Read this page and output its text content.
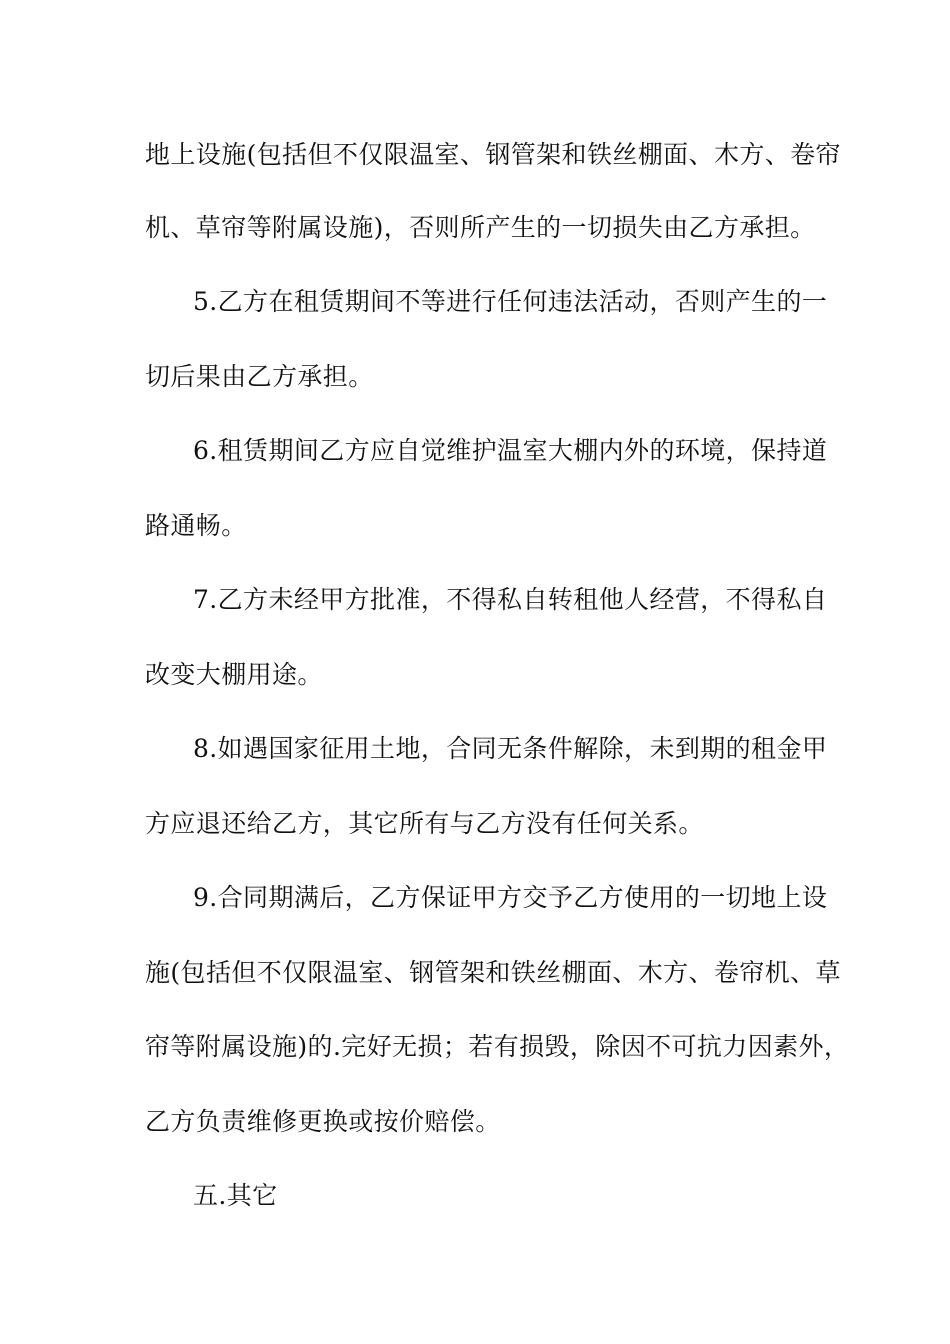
地上设施(包括但不仅限温室、钢管架和铁丝棚面、木方、卷帘
机、草帘等附属设施)，否则所产生的一切损失由乙方承担。
5.乙方在租赁期间不等进行任何违法活动，否则产生的一
切后果由乙方承担。
6.租赁期间乙方应自觉维护温室大棚内外的环境，保持道
路通畅。
7.乙方未经甲方批准，不得私自转租他人经营，不得私自
改变大棚用途。
8.如遇国家征用土地，合同无条件解除，未到期的租金甲
方应退还给乙方，其它所有与乙方没有任何关系。
9.合同期满后，乙方保证甲方交予乙方使用的一切地上设
施(包括但不仅限温室、钢管架和铁丝棚面、木方、卷帘机、草
帘等附属设施)的.完好无损；若有损毁，除因不可抗力因素外，
乙方负责维修更换或按价赔偿。
五.其它
